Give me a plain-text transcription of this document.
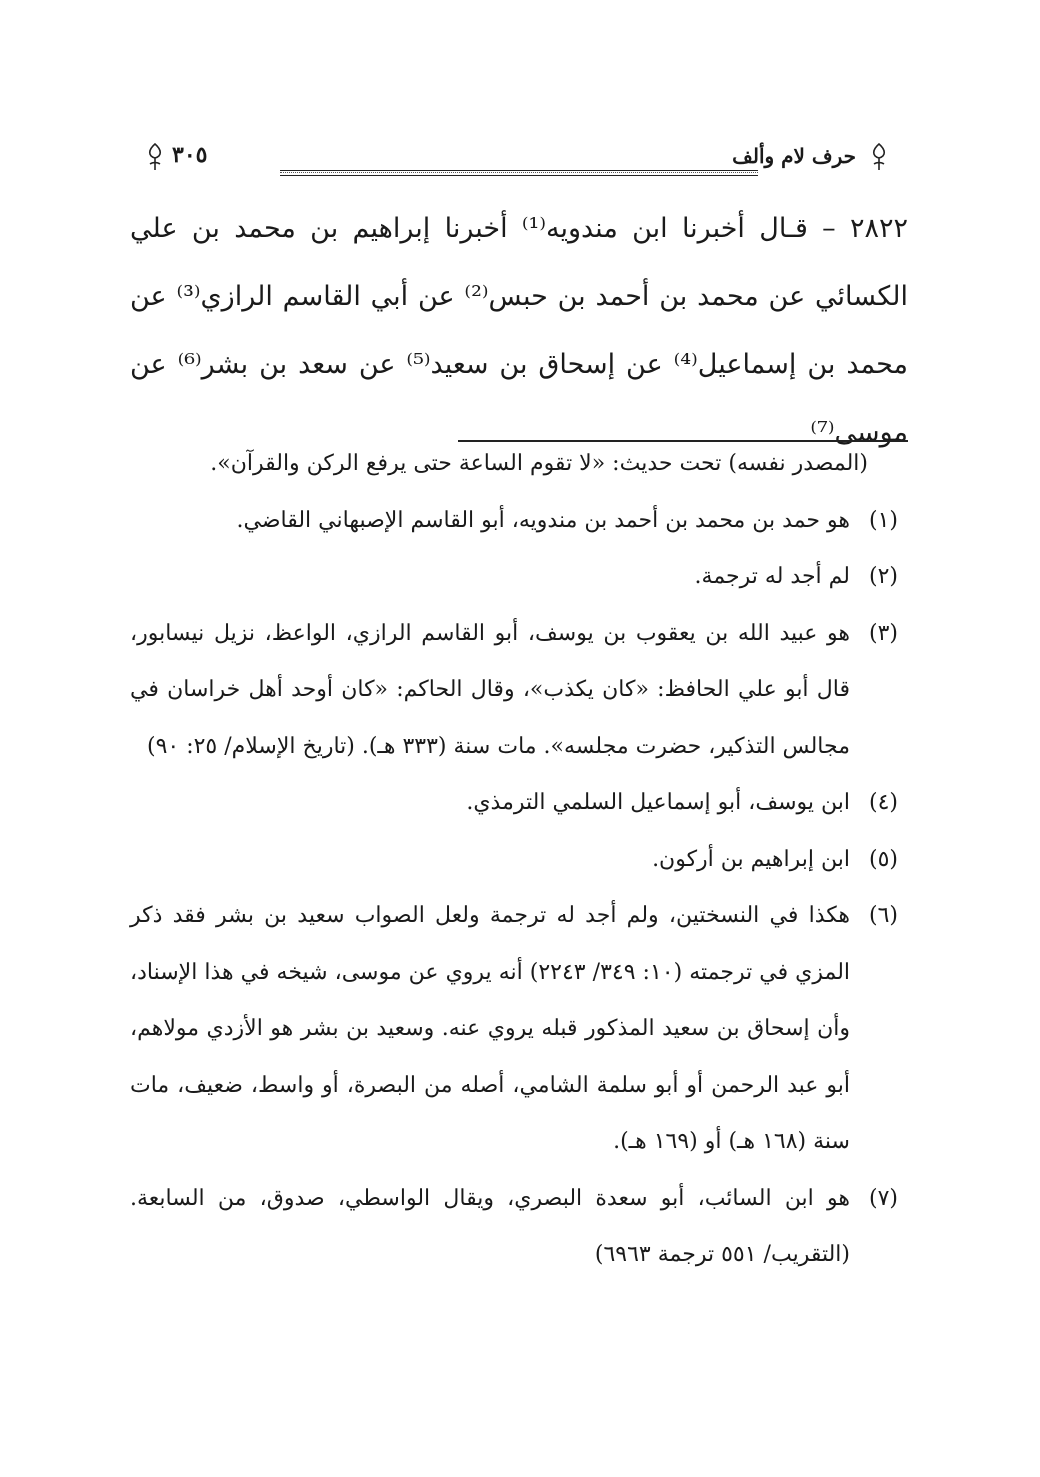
حرف لام وألف
٣٠٥

٢٨٢٢ – قـال أخبرنا ابن مندويه⁽¹⁾ أخبرنا إبراهيم بن محمد بن علي الكسائي عن محمد بن أحمد بن حبس⁽²⁾ عن أبي القاسم الرازي⁽³⁾ عن محمد بن إسماعيل⁽⁴⁾ عن إسحاق بن سعيد⁽⁵⁾ عن سعد بن بشر⁽⁶⁾ عن موسى⁽⁷⁾

(المصدر نفسه) تحت حديث: «لا تقوم الساعة حتى يرفع الركن والقرآن».
(١)
هو حمد بن محمد بن أحمد بن مندويه، أبو القاسم الإصبهاني القاضي.
(٢)
لم أجد له ترجمة.
(٣)
هو عبيد الله بن يعقوب بن يوسف، أبو القاسم الرازي، الواعظ، نزيل نيسابور، قال أبو علي الحافظ: «كان يكذب»، وقال الحاكم: «كان أوحد أهل خراسان في مجالس التذكير، حضرت مجلسه». مات سنة (٣٣٣ هـ). (تاريخ الإسلام/ ٢٥: ٩٠)
(٤)
ابن يوسف، أبو إسماعيل السلمي الترمذي.
(٥)
ابن إبراهيم بن أركون.
(٦)
هكذا في النسختين، ولم أجد له ترجمة ولعل الصواب سعيد بن بشر فقد ذكر المزي في ترجمته (١٠: ٣٤٩/ ٢٢٤٣) أنه يروي عن موسى، شيخه في هذا الإسناد، وأن إسحاق بن سعيد المذكور قبله يروي عنه. وسعيد بن بشر هو الأزدي مولاهم، أبو عبد الرحمن أو أبو سلمة الشامي، أصله من البصرة، أو واسط، ضعيف، مات سنة (١٦٨ هـ) أو (١٦٩ هـ).
(٧)
هو ابن السائب، أبو سعدة البصري، ويقال الواسطي، صدوق، من السابعة. (التقريب/ ٥٥١ ترجمة ٦٩٦٣)
